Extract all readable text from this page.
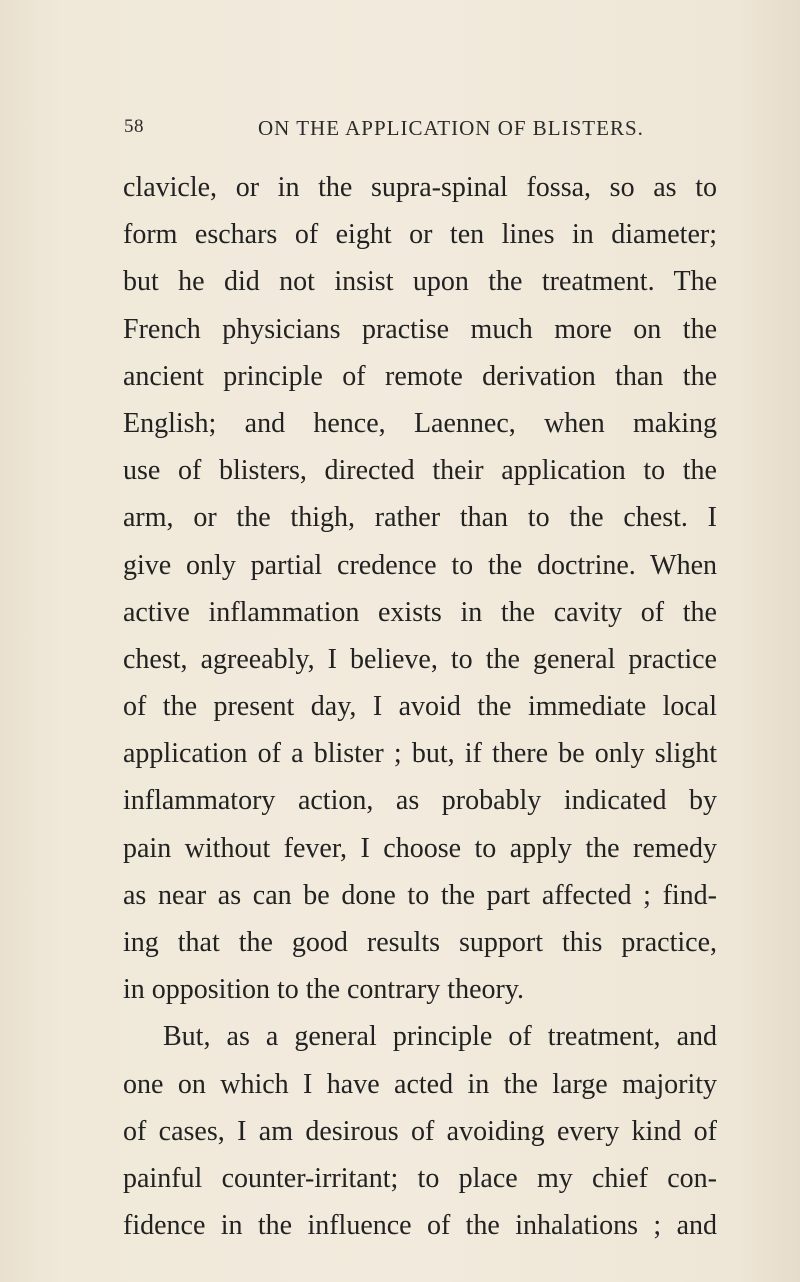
58	ON THE APPLICATION OF BLISTERS.
clavicle, or in the supra-spinal fossa, so as to
form eschars of eight or ten lines in diameter;
but he did not insist upon the treatment. The
French physicians practise much more on the
ancient principle of remote derivation than the
English; and hence, Laennec, when making
use of blisters, directed their application to the
arm, or the thigh, rather than to the chest. I
give only partial credence to the doctrine. When
active inflammation exists in the cavity of the
chest, agreeably, I believe, to the general practice
of the present day, I avoid the immediate local
application of a blister ; but, if there be only slight
inflammatory action, as probably indicated by
pain without fever, I choose to apply the remedy
as near as can be done to the part affected ; find-
ing that the good results support this practice,
in opposition to the contrary theory.
But, as a general principle of treatment, and
one on which I have acted in the large majority
of cases, I am desirous of avoiding every kind of
painful counter-irritant; to place my chief con-
fidence in the influence of the inhalations ; and
